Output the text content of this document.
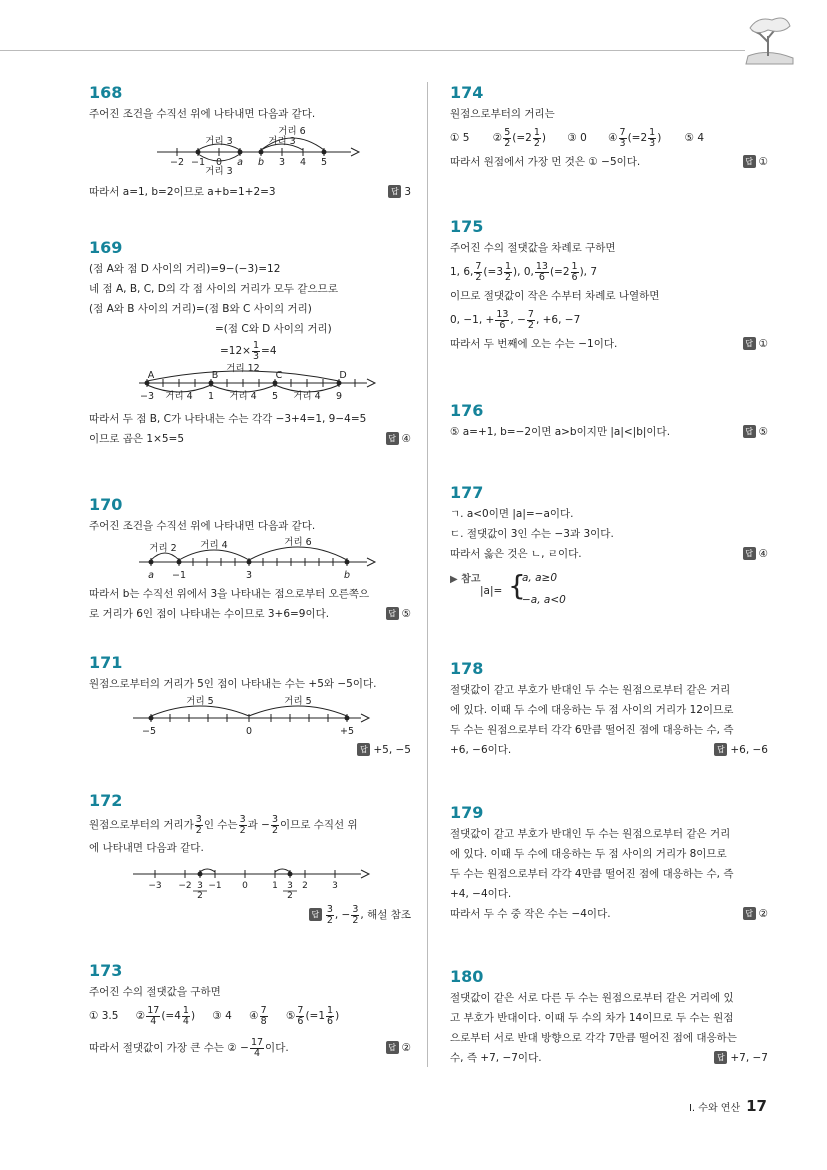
168
주어진 조건을 수직선 위에 나타내면 다음과 같다.
−2 −1 0 a b 3 4 5
거리 6
거리 3	거리 3
거리 3
따라서 a=1, b=2이므로 a+b=1+2=3	답 3
169
(점 A와 점 D 사이의 거리)=9−(−3)=12
네 점 A, B, C, D의 각 점 사이의 거리가 모두 같으므로
(점 A와 B 사이의 거리)=(점 B와 C 사이의 거리)
=(점 C와 D 사이의 거리)
$=12\times \frac{1}{3} =4$
A	B	C	D
거리 12
−3	1	5	9
거리 4	거리 4	거리 4
따라서 두 점 B, C가 나타내는 수는 각각 −3+4=1, 9−4=5
이므로 곱은 1×5=5	답 ④
170
주어진 조건을 수직선 위에 나타내면 다음과 같다.
a −1	3	b
거리 2 거리 4	거리 6
따라서 b는 수직선 위에서 3을 나타내는 점으로부터 오른쪽으
로 거리가 6인 점이 나타내는 수이므로 3+6=9이다.	답 ⑤
171
원점으로부터의 거리가 5인 점이 나타내는 수는 +5와 −5이다.
−5	0	+5
거리 5	거리 5
답 +5, −5
172
원점으로부터의 거리가 $\frac{3}{2}$ 인 수는 $\frac{3}{2}$ 과 − $\frac{3}{2}$ 이므로 수직선 위
에 나타내면 다음과 같다.
−3 −2 −1 0	1	2	3
3
2
3
2
답 $\frac{3}{2}$ , − $\frac{3}{2}$ , 해설 참조
173
주어진 수의 절댓값을 구하면
① 3.5 ② $\frac{17}{4} (=4 \frac{1}{4}$ ) ③ 4 ④ $\frac{7}{8}$ ⑤ $\frac{7}{6} (=1 \frac{1}{6}$ )
따라서 절댓값이 가장 큰 수는 ② − $\frac{17}{4}$ 이다.	답 ②
174
원점으로부터의 거리는
① 5 ② $\frac{5}{2} (=2 \frac{1}{2}$ ) ③ 0 ④ $\frac{7}{3} (=2 \frac{1}{3}$ ) ⑤ 4
따라서 원점에서 가장 먼 것은 ① −5이다.	답 ①
175
주어진 수의 절댓값을 차례로 구하면
1, 6, $\frac{7}{2} (=3 \frac{1}{2}$ ), 0, $\frac{13}{6} (=2 \frac{1}{6}$ ), 7
이므로 절댓값이 작은 수부터 차례로 나열하면
0, −1, + $\frac{13}{6}$ , − $\frac{7}{2}$ , +6, −7
따라서 두 번째에 오는 수는 −1이다.	답 ①
176
⑤ a=+1, b=−2이면 a>b이지만 |a|<|b|이다.	답 ⑤
177
ㄱ. a<0이면 |a|=−a이다.
ㄷ. 절댓값이 3인 수는 −3과 3이다.
따라서 옳은 것은 ㄴ, ㄹ이다.	답 ④
▶ 참고
|a|= {
a, a≥0
−a, a<0
178
절댓값이 같고 부호가 반대인 두 수는 원점으로부터 같은 거리
에 있다. 이때 두 수에 대응하는 두 점 사이의 거리가 12이므로
두 수는 원점으로부터 각각 6만큼 떨어진 점에 대응하는 수, 즉
+6, −6이다.	답 +6, −6
179
절댓값이 같고 부호가 반대인 두 수는 원점으로부터 같은 거리
에 있다. 이때 두 수에 대응하는 두 점 사이의 거리가 8이므로
두 수는 원점으로부터 각각 4만큼 떨어진 점에 대응하는 수, 즉
+4, −4이다.
따라서 두 수 중 작은 수는 −4이다.	답 ②
180
절댓값이 같은 서로 다른 두 수는 원점으로부터 같은 거리에 있
고 부호가 반대이다. 이때 두 수의 차가 14이므로 두 수는 원점
으로부터 서로 반대 방향으로 각각 7만큼 떨어진 점에 대응하는
수, 즉 +7, −7이다.	답 +7, −7
Ⅰ. 수와 연산 17
